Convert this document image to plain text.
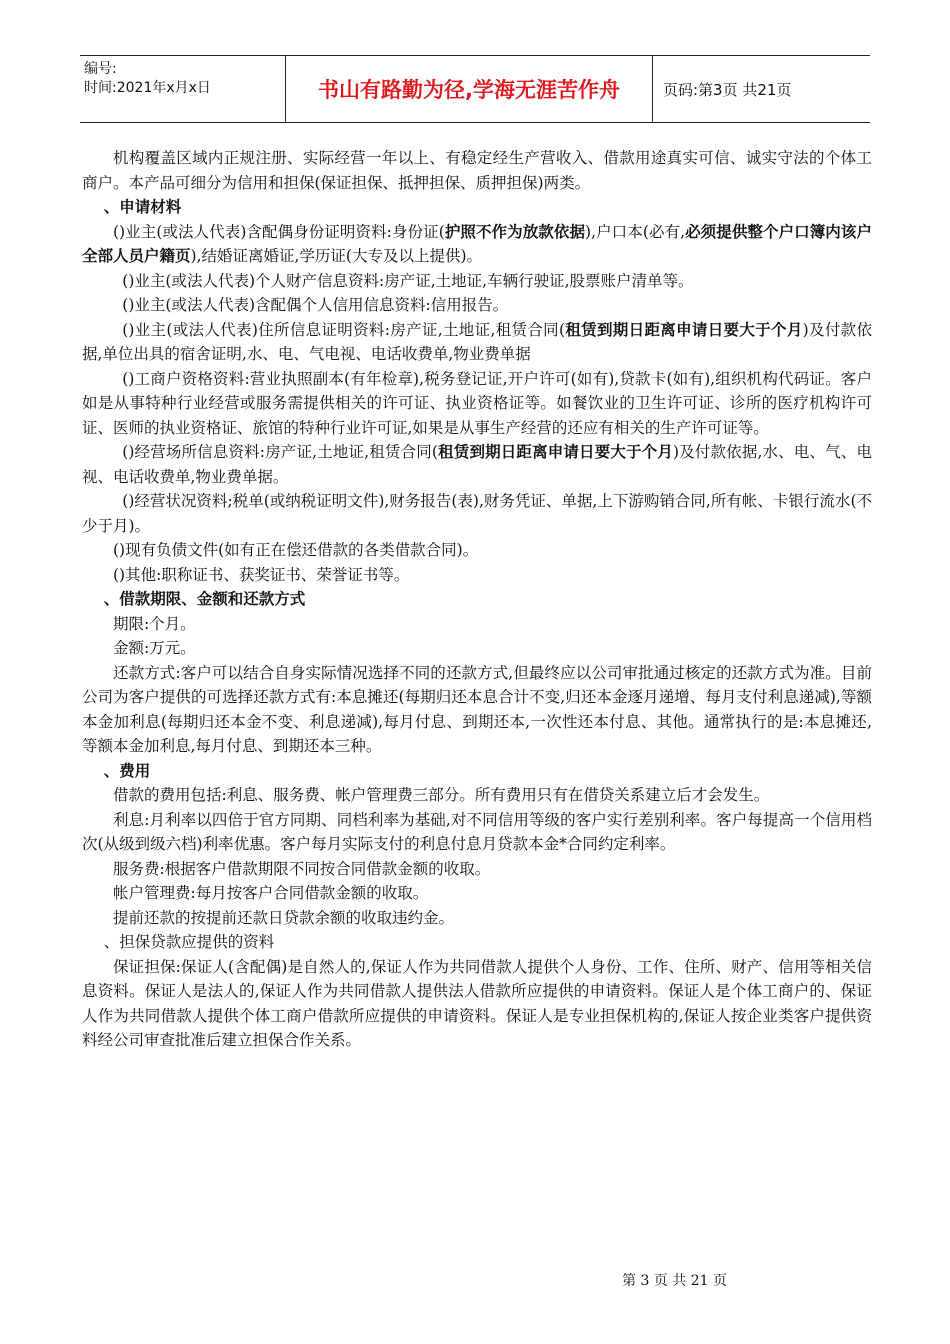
编号:
时间:2021年x月x日	书山有路勤为径,学海无涯苦作舟	页码:第3页 共21页

机构覆盖区域内正规注册、实际经营一年以上、有稳定经生产营收入、借款用途真实可信、诚实守法的个体工商户。本产品可细分为信用和担保(保证担保、抵押担保、质押担保)两类。

、申请材料

()业主(或法人代表)含配偶身份证明资料:身份证(护照不作为放款依据),户口本(必有,必须提供整个户口簿内该户全部人员户籍页),结婚证离婚证,学历证(大专及以上提供)。

()业主(或法人代表)个人财产信息资料:房产证,土地证,车辆行驶证,股票账户清单等。

()业主(或法人代表)含配偶个人信用信息资料:信用报告。

()业主(或法人代表)住所信息证明资料:房产证,土地证,租赁合同(租赁到期日距离申请日要大于个月)及付款依据,单位出具的宿舍证明,水、电、气电视、电话收费单,物业费单据

()工商户资格资料:营业执照副本(有年检章),税务登记证,开户许可(如有),贷款卡(如有),组织机构代码证。客户如是从事特种行业经营或服务需提供相关的许可证、执业资格证等。如餐饮业的卫生许可证、诊所的医疗机构许可证、医师的执业资格证、旅馆的特种行业许可证,如果是从事生产经营的还应有相关的生产许可证等。

()经营场所信息资料:房产证,土地证,租赁合同(租赁到期日距离申请日要大于个月)及付款依据,水、电、气、电视、电话收费单,物业费单据。

()经营状况资料;税单(或纳税证明文件),财务报告(表),财务凭证、单据,上下游购销合同,所有帐、卡银行流水(不少于月)。

()现有负债文件(如有正在偿还借款的各类借款合同)。

()其他:职称证书、获奖证书、荣誉证书等。

、借款期限、金额和还款方式

期限:个月。

金额:万元。

还款方式:客户可以结合自身实际情况选择不同的还款方式,但最终应以公司审批通过核定的还款方式为准。目前公司为客户提供的可选择还款方式有:本息摊还(每期归还本息合计不变,归还本金逐月递增、每月支付利息递减),等额本金加利息(每期归还本金不变、利息递减),每月付息、到期还本,一次性还本付息、其他。通常执行的是:本息摊还,等额本金加利息,每月付息、到期还本三种。

、费用

借款的费用包括:利息、服务费、帐户管理费三部分。所有费用只有在借贷关系建立后才会发生。

利息:月利率以四倍于官方同期、同档利率为基础,对不同信用等级的客户实行差别利率。客户每提高一个信用档次(从级到级六档)利率优惠。客户每月实际支付的利息付息月贷款本金*合同约定利率。

服务费:根据客户借款期限不同按合同借款金额的收取。

帐户管理费:每月按客户合同借款金额的收取。

提前还款的按提前还款日贷款余额的收取违约金。

、担保贷款应提供的资料

保证担保:保证人(含配偶)是自然人的,保证人作为共同借款人提供个人身份、工作、住所、财产、信用等相关信息资料。保证人是法人的,保证人作为共同借款人提供法人借款所应提供的申请资料。保证人是个体工商户的、保证人作为共同借款人提供个体工商户借款所应提供的申请资料。保证人是专业担保机构的,保证人按企业类客户提供资料经公司审查批准后建立担保合作关系。

第 3 页 共 21 页
